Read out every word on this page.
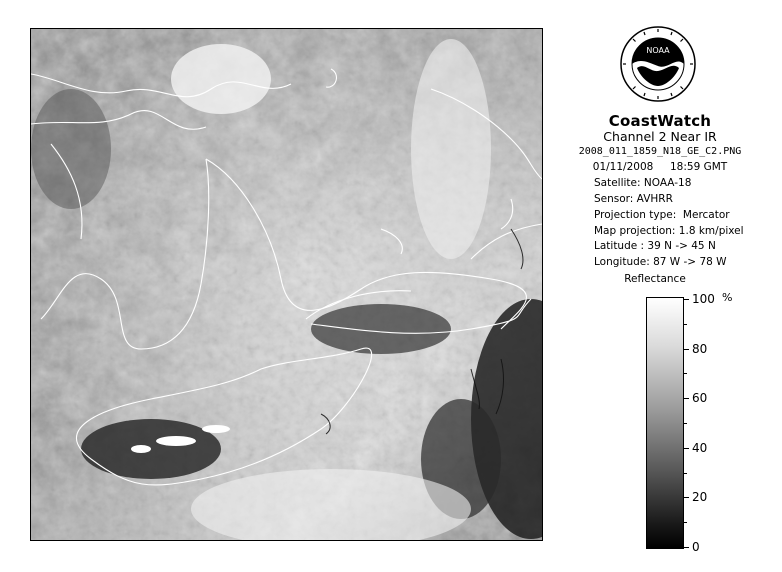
NOAA
CoastWatch
Channel 2 Near IR
2008_011_1859_N18_GE_C2.PNG
01/11/2008     18:59 GMT
Satellite: NOAA-18
Sensor: AVHRR
Projection type:  Mercator
Map projection: 1.8 km/pixel
Latitude : 39 N -> 45 N
Longitude: 87 W -> 78 W
Reflectance
%
100
80
60
40
20
0
